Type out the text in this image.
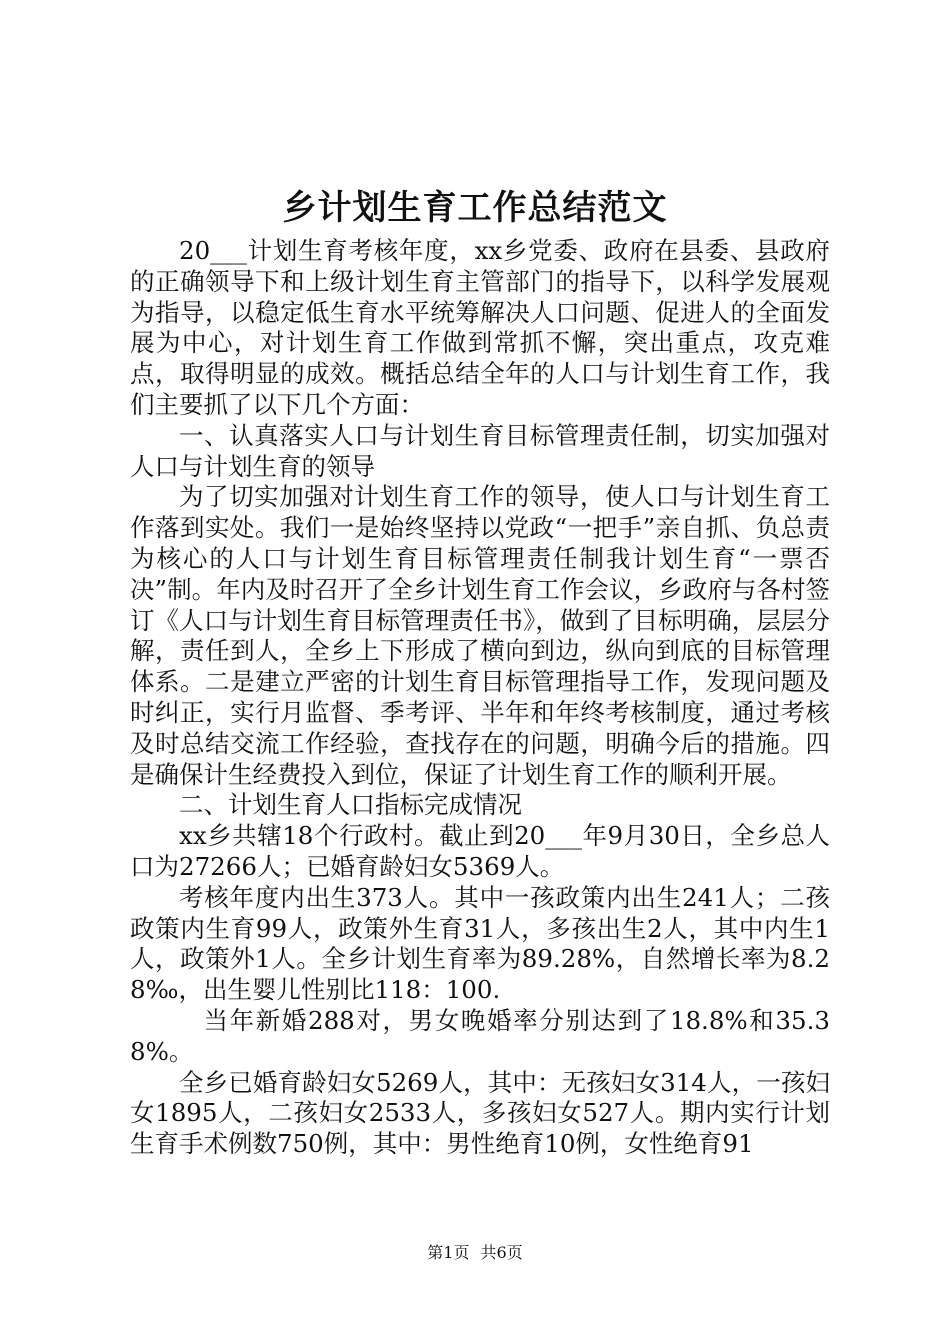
乡计划生育工作总结范文

20___计划生育考核年度，xx乡党委、政府在县委、县政府的正确领导下和上级计划生育主管部门的指导下，以科学发展观为指导，以稳定低生育水平统筹解决人口问题、促进人的全面发展为中心，对计划生育工作做到常抓不懈，突出重点，攻克难点，取得明显的成效。概括总结全年的人口与计划生育工作，我们主要抓了以下几个方面：

一、认真落实人口与计划生育目标管理责任制，切实加强对人口与计划生育的领导

为了切实加强对计划生育工作的领导，使人口与计划生育工作落到实处。我们一是始终坚持以党政“一把手”亲自抓、负总责为核心的人口与计划生育目标管理责任制我计划生育“一票否决”制。年内及时召开了全乡计划生育工作会议，乡政府与各村签订《人口与计划生育目标管理责任书》，做到了目标明确，层层分解，责任到人，全乡上下形成了横向到边，纵向到底的目标管理体系。二是建立严密的计划生育目标管理指导工作，发现问题及时纠正，实行月监督、季考评、半年和年终考核制度，通过考核及时总结交流工作经验，查找存在的问题，明确今后的措施。四是确保计生经费投入到位，保证了计划生育工作的顺利开展。

二、计划生育人口指标完成情况

xx乡共辖18个行政村。截止到20___年9月30日，全乡总人口为27266人；已婚育龄妇女5369人。

考核年度内出生373人。其中一孩政策内出生241人；二孩政策内生育99人，政策外生育31人，多孩出生2人，其中内生1人，政策外1人。全乡计划生育率为89.28%，自然增长率为8.28‰，出生婴儿性别比118：100.

当年新婚288对，男女晚婚率分别达到了18.8%和35.38%。

全乡已婚育龄妇女5269人，其中：无孩妇女314人，一孩妇女1895人，二孩妇女2533人，多孩妇女527人。期内实行计划生育手术例数750例，其中：男性绝育10例，女性绝育91

第1页 共6页
